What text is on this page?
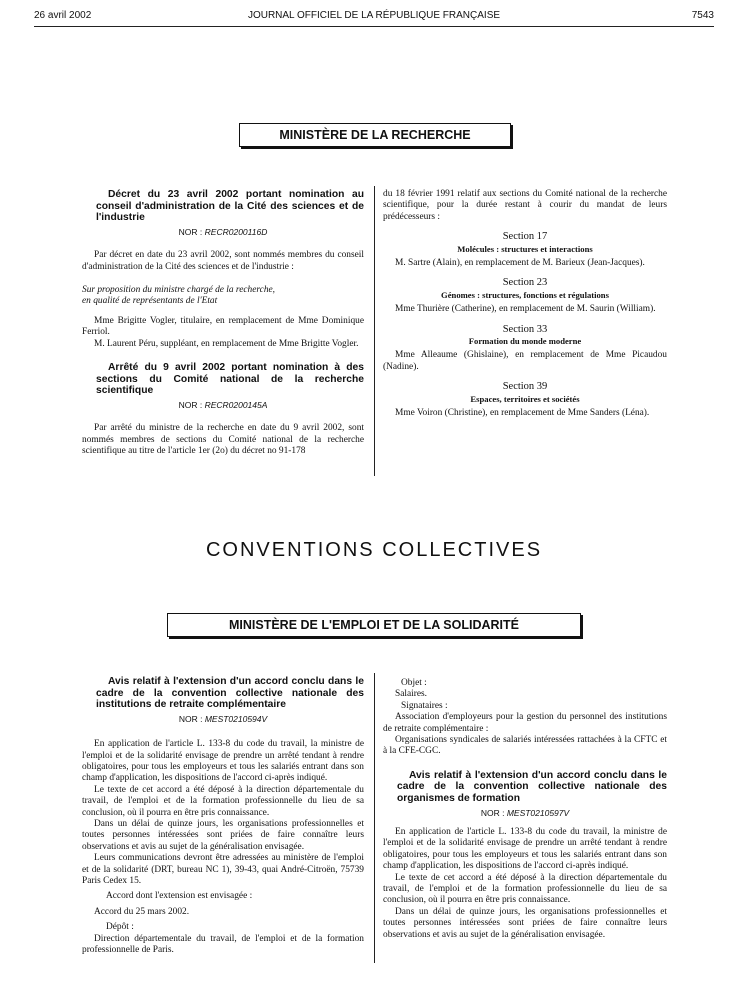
26 avril 2002	JOURNAL OFFICIEL DE LA RÉPUBLIQUE FRANÇAISE	7543
MINISTÈRE DE LA RECHERCHE

Décret du 23 avril 2002 portant nomination au conseil d'administration de la Cité des sciences et de l'industrie

NOR : RECR0200116D

Par décret en date du 23 avril 2002, sont nommés membres du conseil d'administration de la Cité des sciences et de l'industrie :

Sur proposition du ministre chargé de la recherche,

en qualité de représentants de l'Etat

Mme Brigitte Vogler, titulaire, en remplacement de Mme Dominique Ferriol.

M. Laurent Péru, suppléant, en remplacement de Mme Brigitte Vogler.

Arrêté du 9 avril 2002 portant nomination à des sections du Comité national de la recherche scientifique

NOR : RECR0200145A

Par arrêté du ministre de la recherche en date du 9 avril 2002, sont nommés membres de sections du Comité national de la recherche scientifique au titre de l'article 1er (2o) du décret no 91-178

du 18 février 1991 relatif aux sections du Comité national de la recherche scientifique, pour la durée restant à courir du mandat de leurs prédécesseurs :

Section 17
Molécules : structures et interactions

M. Sartre (Alain), en remplacement de M. Barieux (Jean-Jacques).

Section 23
Génomes : structures, fonctions et régulations

Mme Thurière (Catherine), en remplacement de M. Saurin (William).

Section 33
Formation du monde moderne

Mme Alleaume (Ghislaine), en remplacement de Mme Picaudou (Nadine).

Section 39
Espaces, territoires et sociétés

Mme Voiron (Christine), en remplacement de Mme Sanders (Léna).

CONVENTIONS COLLECTIVES
MINISTÈRE DE L'EMPLOI ET DE LA SOLIDARITÉ

Avis relatif à l'extension d'un accord conclu dans le cadre de la convention collective nationale des institutions de retraite complémentaire

NOR : MEST0210594V

En application de l'article L. 133-8 du code du travail, la ministre de l'emploi et de la solidarité envisage de prendre un arrêté tendant à rendre obligatoires, pour tous les employeurs et tous les salariés entrant dans son champ d'application, les dispositions de l'accord ci-après indiqué.

Le texte de cet accord a été déposé à la direction départementale du travail, de l'emploi et de la formation professionnelle du lieu de sa conclusion, où il pourra en être pris connaissance.

Dans un délai de quinze jours, les organisations professionnelles et toutes personnes intéressées sont priées de faire connaître leurs observations et avis au sujet de la généralisation envisagée.

Leurs communications devront être adressées au ministère de l'emploi et de la solidarité (DRT, bureau NC 1), 39-43, quai André-Citroën, 75739 Paris Cedex 15.

Accord dont l'extension est envisagée :

Accord du 25 mars 2002.

Dépôt :

Direction départementale du travail, de l'emploi et de la formation professionnelle de Paris.

Objet :

Salaires.

Signataires :

Association d'employeurs pour la gestion du personnel des institutions de retraite complémentaire :

Organisations syndicales de salariés intéressées rattachées à la CFTC et à la CFE-CGC.

Avis relatif à l'extension d'un accord conclu dans le cadre de la convention collective nationale des organismes de formation

NOR : MEST0210597V

En application de l'article L. 133-8 du code du travail, la ministre de l'emploi et de la solidarité envisage de prendre un arrêté tendant à rendre obligatoires, pour tous les employeurs et tous les salariés entrant dans son champ d'application, les dispositions de l'accord ci-après indiqué.

Le texte de cet accord a été déposé à la direction départementale du travail, de l'emploi et de la formation professionnelle du lieu de sa conclusion, où il pourra en être pris connaissance.

Dans un délai de quinze jours, les organisations professionnelles et toutes personnes intéressées sont priées de faire connaître leurs observations et avis au sujet de la généralisation envisagée.
